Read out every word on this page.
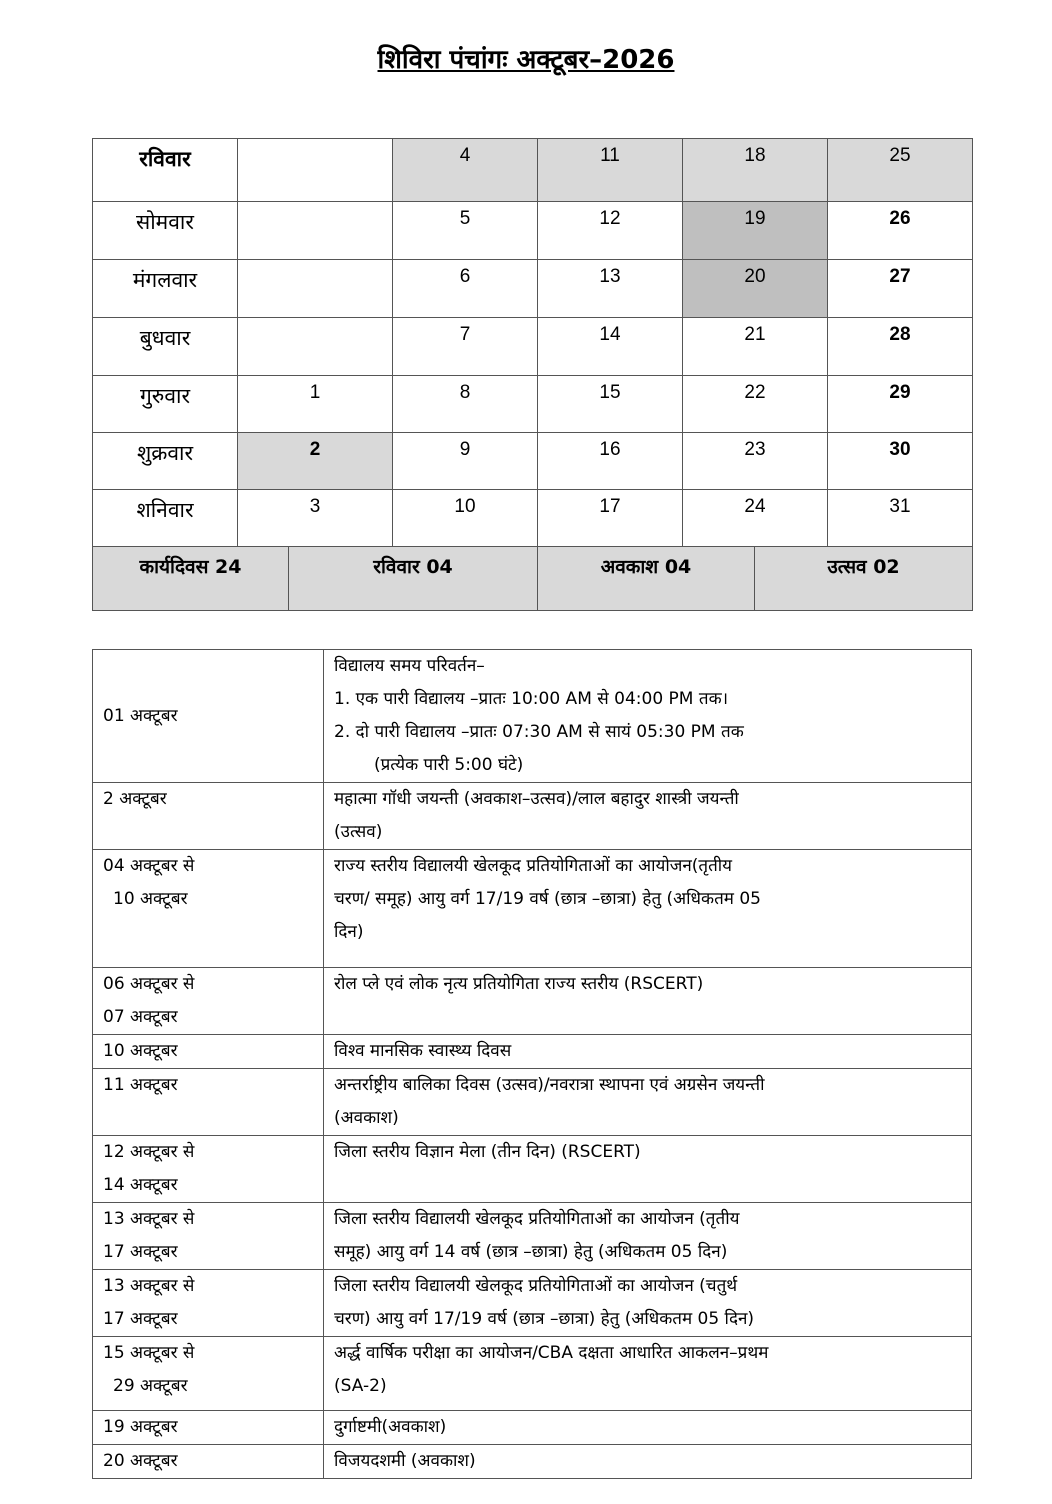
शिविरा पंचांगः अक्टूबर–2026
रविवार		4	11	18	25
सोमवार		5	12	19	26
मंगलवार		6	13	20	27
बुधवार		7	14	21	28
गुरुवार	1	8	15	22	29
शुक्रवार	2	9	16	23	30
शनिवार	3	10	17	24	31
कार्यदिवस 24	रविवार 04	अवकाश 04	उत्सव 02
01 अक्टूबर	विद्यालय समय परिवर्तन–
1. एक पारी विद्यालय –प्रातः 10:00 AM से 04:00 PM तक।
2. दो पारी विद्यालय –प्रातः 07:30 AM से सायं 05:30 PM तक
(प्रत्येक पारी 5:00 घंटे)

2 अक्टूबर	महात्मा गॉधी जयन्ती (अवकाश–उत्सव)/लाल बहादुर शास्त्री जयन्ती
(उत्सव)

04 अक्टूबर से
10 अक्टूबर	राज्य स्तरीय विद्यालयी खेलकूद प्रतियोगिताओं का आयोजन(तृतीय
चरण/ समूह) आयु वर्ग 17/19 वर्ष (छात्र –छात्रा) हेतु (अधिकतम 05
दिन)

06 अक्टूबर से
07 अक्टूबर	रोल प्ले एवं लोक नृत्य प्रतियोगिता राज्य स्तरीय (RSCERT)

10 अक्टूबर	विश्व मानसिक स्वास्थ्य दिवस

11 अक्टूबर	अन्तर्राष्ट्रीय बालिका दिवस (उत्सव)/नवरात्रा स्थापना एवं अग्रसेन जयन्ती
(अवकाश)

12 अक्टूबर से
14 अक्टूबर	जिला स्तरीय विज्ञान मेला (तीन दिन) (RSCERT)

13 अक्टूबर से
17 अक्टूबर	जिला स्तरीय विद्यालयी खेलकूद प्रतियोगिताओं का आयोजन (तृतीय
समूह) आयु वर्ग 14 वर्ष (छात्र –छात्रा) हेतु (अधिकतम 05 दिन)

13 अक्टूबर से
17 अक्टूबर	जिला स्तरीय विद्यालयी खेलकूद प्रतियोगिताओं का आयोजन (चतुर्थ
चरण) आयु वर्ग 17/19 वर्ष (छात्र –छात्रा) हेतु (अधिकतम 05 दिन)

15 अक्टूबर से
29 अक्टूबर	अर्द्ध वार्षिक परीक्षा का आयोजन/CBA दक्षता आधारित आकलन–प्रथम
(SA-2)

19 अक्टूबर	दुर्गाष्टमी(अवकाश)

20 अक्टूबर	विजयदशमी (अवकाश)
